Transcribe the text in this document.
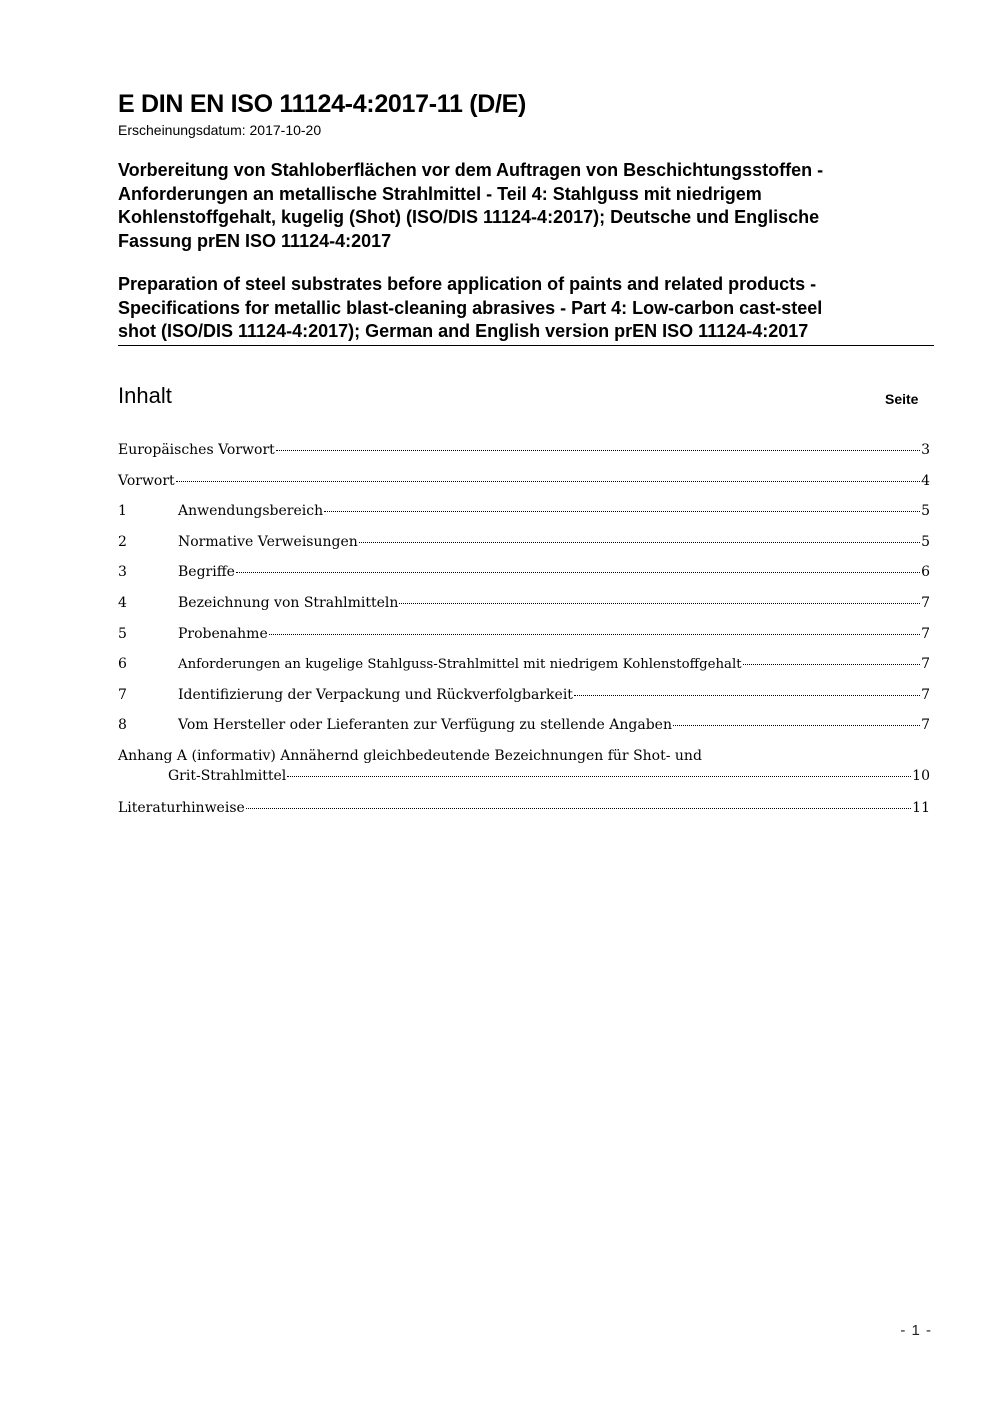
E DIN EN ISO 11124-4:2017-11 (D/E)
Erscheinungsdatum: 2017-10-20
Vorbereitung von Stahloberflächen vor dem Auftragen von Beschichtungsstoffen -
Anforderungen an metallische Strahlmittel - Teil 4: Stahlguss mit niedrigem
Kohlenstoffgehalt, kugelig (Shot) (ISO/DIS 11124-4:2017); Deutsche und Englische
Fassung prEN ISO 11124-4:2017
Preparation of steel substrates before application of paints and related products -
Specifications for metallic blast-cleaning abrasives - Part 4: Low-carbon cast-steel
shot (ISO/DIS 11124-4:2017); German and English version prEN ISO 11124-4:2017
Inhalt	Seite
Europäisches Vorwort	3
Vorwort	4
1	Anwendungsbereich	5
2	Normative Verweisungen	5
3	Begriffe	6
4	Bezeichnung von Strahlmitteln	7
5	Probenahme	7
6	Anforderungen an kugelige Stahlguss-Strahlmittel mit niedrigem Kohlenstoffgehalt	7
7	Identifizierung der Verpackung und Rückverfolgbarkeit	7
8	Vom Hersteller oder Lieferanten zur Verfügung zu stellende Angaben	7
Anhang A (informativ) Annähernd gleichbedeutende Bezeichnungen für Shot- und
Grit-Strahlmittel	10
Literaturhinweise	11
- 1 -
